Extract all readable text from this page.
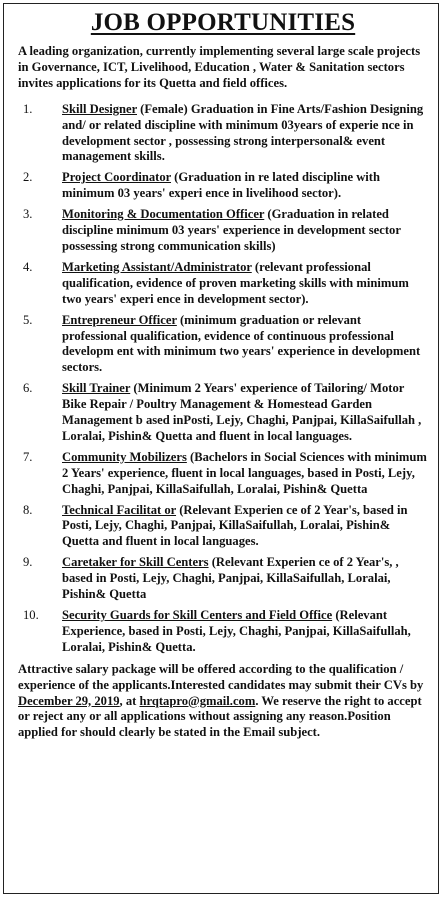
JOB OPPORTUNITIES
A leading organization, currently implementing several large scale projects in Governance, ICT, Livelihood, Education , Water & Sanitation sectors invites applications for its Quetta and field offices.
1.	Skill Designer (Female) Graduation in Fine Arts/Fashion Designing and/ or related discipline with minimum 03years of experie nce in development sector , possessing strong interpersonal& event management skills.
2.	Project Coordinator (Graduation in re lated discipline with minimum 03 years' experi ence in livelihood sector).
3.	Monitoring & Documentation Officer (Graduation in related discipline minimum 03 years' experience in development sector possessing strong communication skills)
4.	Marketing Assistant/Administrator (relevant professional qualification, evidence of proven marketing skills with minimum two years' experi ence in development sector).
5.	Entrepreneur Officer (minimum graduation or relevant professional qualification, evidence of continuous professional developm ent with minimum two years' experience in development sectors.
6.	Skill Trainer (Minimum 2 Years' experience of Tailoring/ Motor Bike Repair / Poultry Management & Homestead Garden Management b ased inPosti, Lejy, Chaghi, Panjpai, KillaSaifullah , Loralai, Pishin& Quetta and fluent in local languages.
7.	Community Mobilizers (Bachelors in Social Sciences with minimum 2 Years' experience, fluent in local languages, based in Posti, Lejy, Chaghi, Panjpai, KillaSaifullah, Loralai, Pishin& Quetta
8.	Technical Facilitat or (Relevant Experien ce of 2 Year's, based in Posti, Lejy, Chaghi, Panjpai, KillaSaifullah, Loralai, Pishin& Quetta and fluent in local languages.
9.	Caretaker for Skill Centers (Relevant Experien ce of 2 Year's, , based in Posti, Lejy, Chaghi, Panjpai, KillaSaifullah, Loralai, Pishin& Quetta
10.	Security Guards for Skill Centers and Field Office (Relevant Experience, based in Posti, Lejy, Chaghi, Panjpai, KillaSaifullah, Loralai, Pishin& Quetta.
Attractive salary package will be offered according to the qualification / experience of the applicants.Interested candidates may submit their CVs by December 29, 2019, at hrqtapro@gmail.com. We reserve the right to accept or reject any or all applications without assigning any reason.Position applied for should clearly be stated in the Email subject.
